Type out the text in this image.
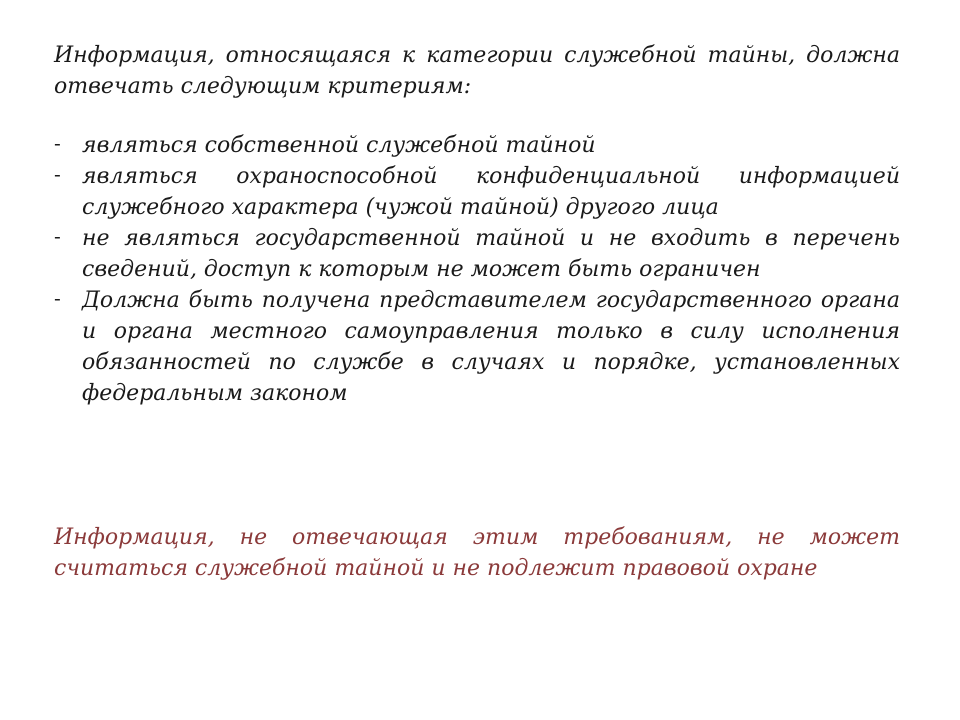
Информация, относящаяся к категории служебной тайны, должна отвечать следующим критериям:

- являться собственной служебной тайной
- являться охраноспособной конфиденциальной информацией служебного характера (чужой тайной) другого лица
- не являться государственной тайной и не входить в перечень сведений, доступ к которым не может быть ограничен
- Должна быть получена представителем государственного органа и органа местного самоуправления только в силу исполнения обязанностей по службе в случаях и порядке, установленных федеральным законом

Информация, не отвечающая этим требованиям, не может считаться служебной тайной и не подлежит правовой охране
